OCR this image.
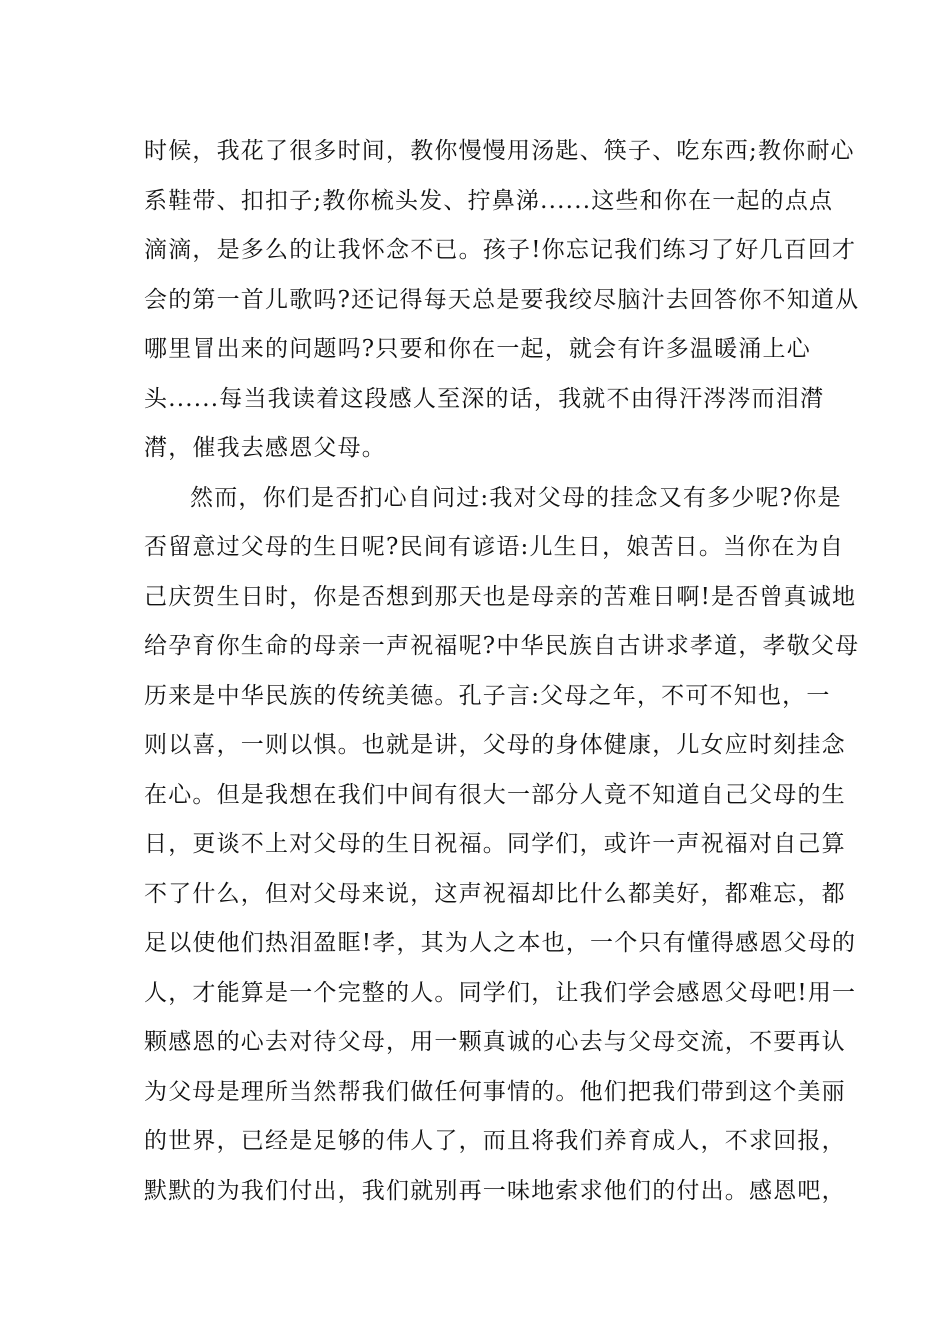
时候，我花了很多时间，教你慢慢用汤匙、筷子、吃东西;教你耐心
系鞋带、扣扣子;教你梳头发、拧鼻涕......这些和你在一起的点点
滴滴，是多么的让我怀念不已。孩子!你忘记我们练习了好几百回才
会的第一首儿歌吗?还记得每天总是要我绞尽脑汁去回答你不知道从
哪里冒出来的问题吗?只要和你在一起，就会有许多温暖涌上心
头......每当我读着这段感人至深的话，我就不由得汗涔涔而泪潸
潸，催我去感恩父母。
然而，你们是否扪心自问过:我对父母的挂念又有多少呢?你是
否留意过父母的生日呢?民间有谚语:儿生日，娘苦日。当你在为自
己庆贺生日时，你是否想到那天也是母亲的苦难日啊!是否曾真诚地
给孕育你生命的母亲一声祝福呢?中华民族自古讲求孝道，孝敬父母
历来是中华民族的传统美德。孔子言:父母之年，不可不知也，一
则以喜，一则以惧。也就是讲，父母的身体健康，儿女应时刻挂念
在心。但是我想在我们中间有很大一部分人竟不知道自己父母的生
日，更谈不上对父母的生日祝福。同学们，或许一声祝福对自己算
不了什么，但对父母来说，这声祝福却比什么都美好，都难忘，都
足以使他们热泪盈眶!孝，其为人之本也，一个只有懂得感恩父母的
人，才能算是一个完整的人。同学们，让我们学会感恩父母吧!用一
颗感恩的心去对待父母，用一颗真诚的心去与父母交流，不要再认
为父母是理所当然帮我们做任何事情的。他们把我们带到这个美丽
的世界，已经是足够的伟人了，而且将我们养育成人，不求回报，
默默的为我们付出，我们就别再一味地索求他们的付出。感恩吧，
